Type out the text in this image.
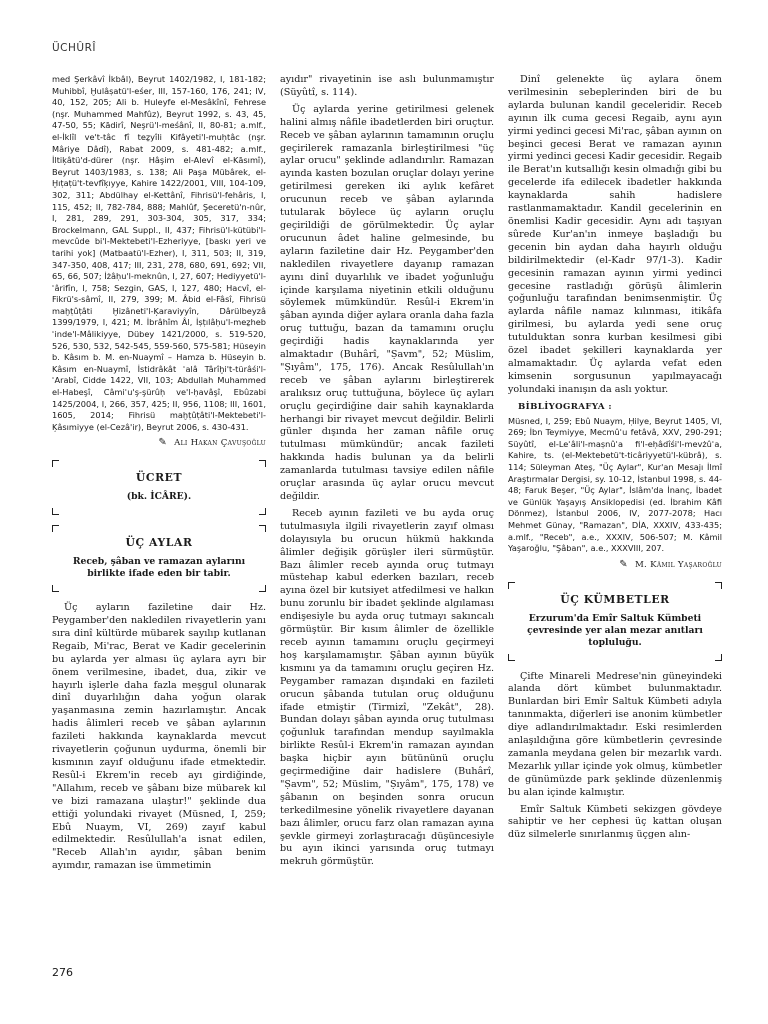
ÜCHÛRÎ

med Şerkâvî İkbâl), Beyrut 1402/1982, I, 181-182; Muhibbî, Ḫulâṣatü'l-eśer, III, 157-160, 176, 241; IV, 40, 152, 205; Ali b. Huleyfe el-Mesâkînî, Fehrese (nşr. Muhammed Mahfûz), Beyrut 1992, s. 43, 45, 47-50, 55; Kādirî, Neşrü'l-meśânî, II, 80-81; a.mlf., el-İklîl ve't-tâc fî teẕyîli Kifâyeti'l-muḥtâc (nşr. Mâriye Dâdî), Rabat 2009, s. 481-482; a.mlf., İltiķâtü'd-dürer (nşr. Hâşim el-Alevî el-Kāsımî), Beyrut 1403/1983, s. 138; Ali Paşa Mübârek, el-Ḫıṭaṭü't-tevfîķıyye, Kahire 1422/2001, VIII, 104-109, 302, 311; Abdülhay el-Kettânî, Fihrisü'l-fehâris, I, 115, 452; II, 782-784, 888; Mahlûf, Şeceretü'n-nûr, I, 281, 289, 291, 303-304, 305, 317, 334; Brockelmann, GAL Suppl., II, 437; Fihrisü'l-kütübi'l-mevcûde bi'l-Mektebeti'l-Ezheriyye, [baskı yeri ve tarihi yok] (Matbaatü'l-Ezher), I, 311, 503; II, 319, 347-350, 408, 417; III, 231, 278, 680, 691, 692; VII, 65, 66, 507; İżâḥu'l-meknûn, I, 27, 607; Hediyyetü'l-ʿârifîn, I, 758; Sezgin, GAS, I, 127, 480; Hacvî, el-Fikrü's-sâmî, II, 279, 399; M. Âbid el-Fâsî, Fihrisü maḫṭûṭâti Ḫizâneti'l-Ķaraviyyîn, Dârülbeyzâ 1399/1979, I, 421; M. İbrâhîm Âl, İṣṭılâḥu'l-meẕheb ʿinde'l-Mâlikiyye, Dübey 1421/2000, s. 519-520, 526, 530, 532, 542-545, 559-560, 575-581; Hüseyin b. Kâsım b. M. en-Nuaymî – Hamza b. Hüseyin b. Kâsım en-Nuaymî, İstidrâkât ʿalâ Târîḫi't-türâśi'l-ʿArabî, Cidde 1422, VII, 103; Abdullah Muhammed el-Habeşî, Câmiʿu'ş-şürûḥ ve'l-ḥavâşî, Ebûzabi 1425/2004, I, 266, 357, 425; II, 956, 1108; III, 1601, 1605, 2014; Fihrisü maḫṭûṭâti'l-Mektebeti'l-Ķâsımiyye (el-Cezâ'ir), Beyrut 2006, s. 430-431.

✎ Ali Hakan Çavuşoğlu
ÜCRET
(bk. İCÂRE).
ÜÇ AYLAR
Receb, şâban ve ramazan aylarını birlikte ifade eden bir tabir.

Üç ayların faziletine dair Hz. Peygamber'den nakledilen rivayetlerin yanı sıra dinî kültürde mübarek sayılıp kutlanan Regaib, Mi'rac, Berat ve Kadir gecelerinin bu aylarda yer alması üç aylara ayrı bir önem verilmesine, ibadet, dua, zikir ve hayırlı işlerle daha fazla meşgul olunarak dinî duyarlılığın daha yoğun olarak yaşanmasına zemin hazırlamıştır. Ancak hadis âlimleri receb ve şâban aylarının fazileti hakkında kaynaklarda mevcut rivayetlerin çoğunun uydurma, önemli bir kısmının zayıf olduğunu ifade etmektedir. Resûl-i Ekrem'in receb ayı girdiğinde, "Allahım, receb ve şâbanı bize mübarek kıl ve bizi ramazana ulaştır!" şeklinde dua ettiği yolundaki rivayet (Müsned, I, 259; Ebû Nuaym, VI, 269) zayıf kabul edilmektedir. Resûlullah'a isnat edilen, "Receb Allah'ın ayıdır, şâban benim ayımdır, ramazan ise ümmetimin

ayıdır" rivayetinin ise aslı bulunmamıştır (Süyûtî, s. 114).

Üç aylarda yerine getirilmesi gelenek halini almış nâfile ibadetlerden biri oruçtur. Receb ve şâban aylarının tamamının oruçlu geçirilerek ramazanla birleştirilmesi "üç aylar orucu" şeklinde adlandırılır. Ramazan ayında kasten bozulan oruçlar dolayı yerine getirilmesi gereken iki aylık kefâret orucunun receb ve şâban aylarında tutularak böylece üç ayların oruçlu geçirildiği de görülmektedir. Üç aylar orucunun âdet haline gelmesinde, bu ayların faziletine dair Hz. Peygamber'den nakledilen rivayetlere dayanıp ramazan ayını dinî duyarlılık ve ibadet yoğunluğu içinde karşılama niyetinin etkili olduğunu söylemek mümkündür. Resûl-i Ekrem'in şâban ayında diğer aylara oranla daha fazla oruç tuttuğu, bazan da tamamını oruçlu geçirdiği hadis kaynaklarında yer almaktadır (Buhârî, "Ṣavm", 52; Müslim, "Ṣıyâm", 175, 176). Ancak Resûlullah'ın receb ve şâban aylarını birleştirerek aralıksız oruç tuttuğuna, böylece üç ayları oruçlu geçirdiğine dair sahih kaynaklarda herhangi bir rivayet mevcut değildir. Belirli günler dışında her zaman nâfile oruç tutulması mümkündür; ancak fazileti hakkında hadis bulunan ya da belirli zamanlarda tutulması tavsiye edilen nâfile oruçlar arasında üç aylar orucu mevcut değildir.

Receb ayının fazileti ve bu ayda oruç tutulmasıyla ilgili rivayetlerin zayıf olması dolayısıyla bu orucun hükmü hakkında âlimler değişik görüşler ileri sürmüştür. Bazı âlimler receb ayında oruç tutmayı müstehap kabul ederken bazıları, receb ayına özel bir kutsiyet atfedilmesi ve halkın bunu zorunlu bir ibadet şeklinde algılaması endişesiyle bu ayda oruç tutmayı sakıncalı görmüştür. Bir kısım âlimler de özellikle receb ayının tamamını oruçlu geçirmeyi hoş karşılamamıştır. Şâban ayının büyük kısmını ya da tamamını oruçlu geçiren Hz. Peygamber ramazan dışındaki en fazileti orucun şâbanda tutulan oruç olduğunu ifade etmiştir (Tirmizî, "Zekât", 28). Bundan dolayı şâban ayında oruç tutulması çoğunluk tarafından mendup sayılmakla birlikte Resûl-i Ekrem'in ramazan ayından başka hiçbir ayın bütününü oruçlu geçirmediğine dair hadislere (Buhârî, "Ṣavm", 52; Müslim, "Ṣıyâm", 175, 178) ve şâbanın on beşinden sonra orucun terkedilmesine yönelik rivayetlere dayanan bazı âlimler, orucu farz olan ramazan ayına şevkle girmeyi zorlaştıracağı düşüncesiyle bu ayın ikinci yarısında oruç tutmayı mekruh görmüştür.

Dinî gelenekte üç aylara önem verilmesinin sebeplerinden biri de bu aylarda bulunan kandil geceleridir. Receb ayının ilk cuma gecesi Regaib, aynı ayın yirmi yedinci gecesi Mi'rac, şâban ayının on beşinci gecesi Berat ve ramazan ayının yirmi yedinci gecesi Kadir gecesidir. Regaib ile Berat'ın kutsallığı kesin olmadığı gibi bu gecelerde ifa edilecek ibadetler hakkında kaynaklarda sahih hadislere rastlanmamaktadır. Kandil gecelerinin en önemlisi Kadir gecesidir. Aynı adı taşıyan sûrede Kur'an'ın inmeye başladığı bu gecenin bin aydan daha hayırlı olduğu bildirilmektedir (el-Kadr 97/1-3). Kadir gecesinin ramazan ayının yirmi yedinci gecesine rastladığı görüşü âlimlerin çoğunluğu tarafından benimsenmiştir. Üç aylarda nâfile namaz kılınması, itikâfa girilmesi, bu aylarda yedi sene oruç tutulduktan sonra kurban kesilmesi gibi özel ibadet şekilleri kaynaklarda yer almamaktadır. Üç aylarda vefat eden kimsenin sorgusunun yapılmayacağı yolundaki inanışın da aslı yoktur.

BİBLİYOGRAFYA :

Müsned, I, 259; Ebû Nuaym, Ḥilye, Beyrut 1405, VI, 269; İbn Teymiyye, Mecmûʿu fetâvâ, XXV, 290-291; Süyûtî, el-Leʾâli'l-maṣnûʿa fi'l-eḥâdîśi'l-mevżûʿa, Kahire, ts. (el-Mektebetü't-ticâriyyetü'l-kübrâ), s. 114; Süleyman Ateş, "Üç Aylar", Kur'an Mesajı İlmî Araştırmalar Dergisi, sy. 10-12, İstanbul 1998, s. 44-48; Faruk Beşer, "Üç Aylar", İslâm'da İnanç, İbadet ve Günlük Yaşayış Ansiklopedisi (ed. İbrahim Kâfi Dönmez), İstanbul 2006, IV, 2077-2078; Hacı Mehmet Günay, "Ramazan", DİA, XXXIV, 433-435; a.mlf., "Receb", a.e., XXXIV, 506-507; M. Kâmil Yaşaroğlu, "Şâban", a.e., XXXVIII, 207.

✎ M. Kâmil Yaşaroğlu
ÜÇ KÜMBETLER
Erzurum'da Emîr Saltuk Kümbeti çevresinde yer alan mezar anıtları topluluğu.

Çifte Minareli Medrese'nin güneyindeki alanda dört kümbet bulunmaktadır. Bunlardan biri Emîr Saltuk Kümbeti adıyla tanınmakta, diğerleri ise anonim kümbetler diye adlandırılmaktadır. Eski resimlerden anlaşıldığına göre kümbetlerin çevresinde zamanla meydana gelen bir mezarlık vardı. Mezarlık yıllar içinde yok olmuş, kümbetler de günümüzde park şeklinde düzenlenmiş bu alan içinde kalmıştır.

Emîr Saltuk Kümbeti sekizgen gövdeye sahiptir ve her cephesi üç kattan oluşan düz silmelerle sınırlanmış üçgen alın-

276
